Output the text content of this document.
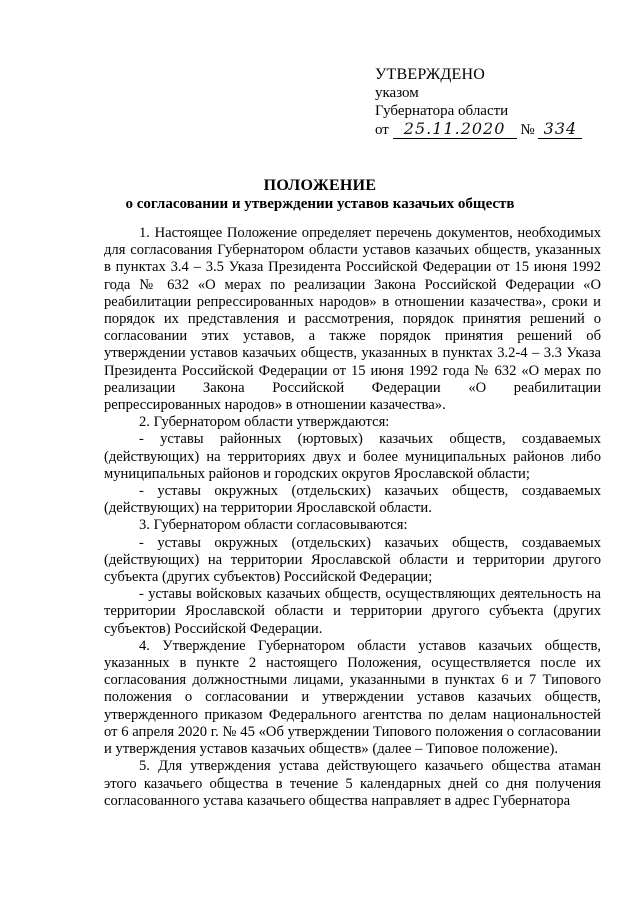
УТВЕРЖДЕНО
указом
Губернатора области
от 25.11.2020 № 334
ПОЛОЖЕНИЕ
о согласовании и утверждении уставов казачьих обществ

1. Настоящее Положение определяет перечень документов, необходимых для согласования Губернатором области уставов казачьих обществ, указанных в пунктах 3.4 – 3.5 Указа Президента Российской Федерации от 15 июня 1992 года № 632 «О мерах по реализации Закона Российской Федерации «О реабилитации репрессированных народов» в отношении казачества», сроки и порядок их представления и рассмотрения, порядок принятия решений о согласовании этих уставов, а также порядок принятия решений об утверждении уставов казачьих обществ, указанных в пунктах 3.2-4 – 3.3 Указа Президента Российской Федерации от 15 июня 1992 года № 632 «О мерах по реализации Закона Российской Федерации «О реабилитации репрессированных народов» в отношении казачества».

2. Губернатором области утверждаются:

- уставы районных (юртовых) казачьих обществ, создаваемых (действующих) на территориях двух и более муниципальных районов либо муниципальных районов и городских округов Ярославской области;

- уставы окружных (отдельских) казачьих обществ, создаваемых (действующих) на территории Ярославской области.

3. Губернатором области согласовываются:

- уставы окружных (отдельских) казачьих обществ, создаваемых (действующих) на территории Ярославской области и территории другого субъекта (других субъектов) Российской Федерации;

- уставы войсковых казачьих обществ, осуществляющих деятельность на территории Ярославской области и территории другого субъекта (других субъектов) Российской Федерации.

4. Утверждение Губернатором области уставов казачьих обществ, указанных в пункте 2 настоящего Положения, осуществляется после их согласования должностными лицами, указанными в пунктах 6 и 7 Типового положения о согласовании и утверждении уставов казачьих обществ, утвержденного приказом Федерального агентства по делам национальностей от 6 апреля 2020 г. № 45 «Об утверждении Типового положения о согласовании и утверждения уставов казачьих обществ» (далее – Типовое положение).

5. Для утверждения устава действующего казачьего общества атаман этого казачьего общества в течение 5 календарных дней со дня получения согласованного устава казачьего общества направляет в адрес Губернатора
